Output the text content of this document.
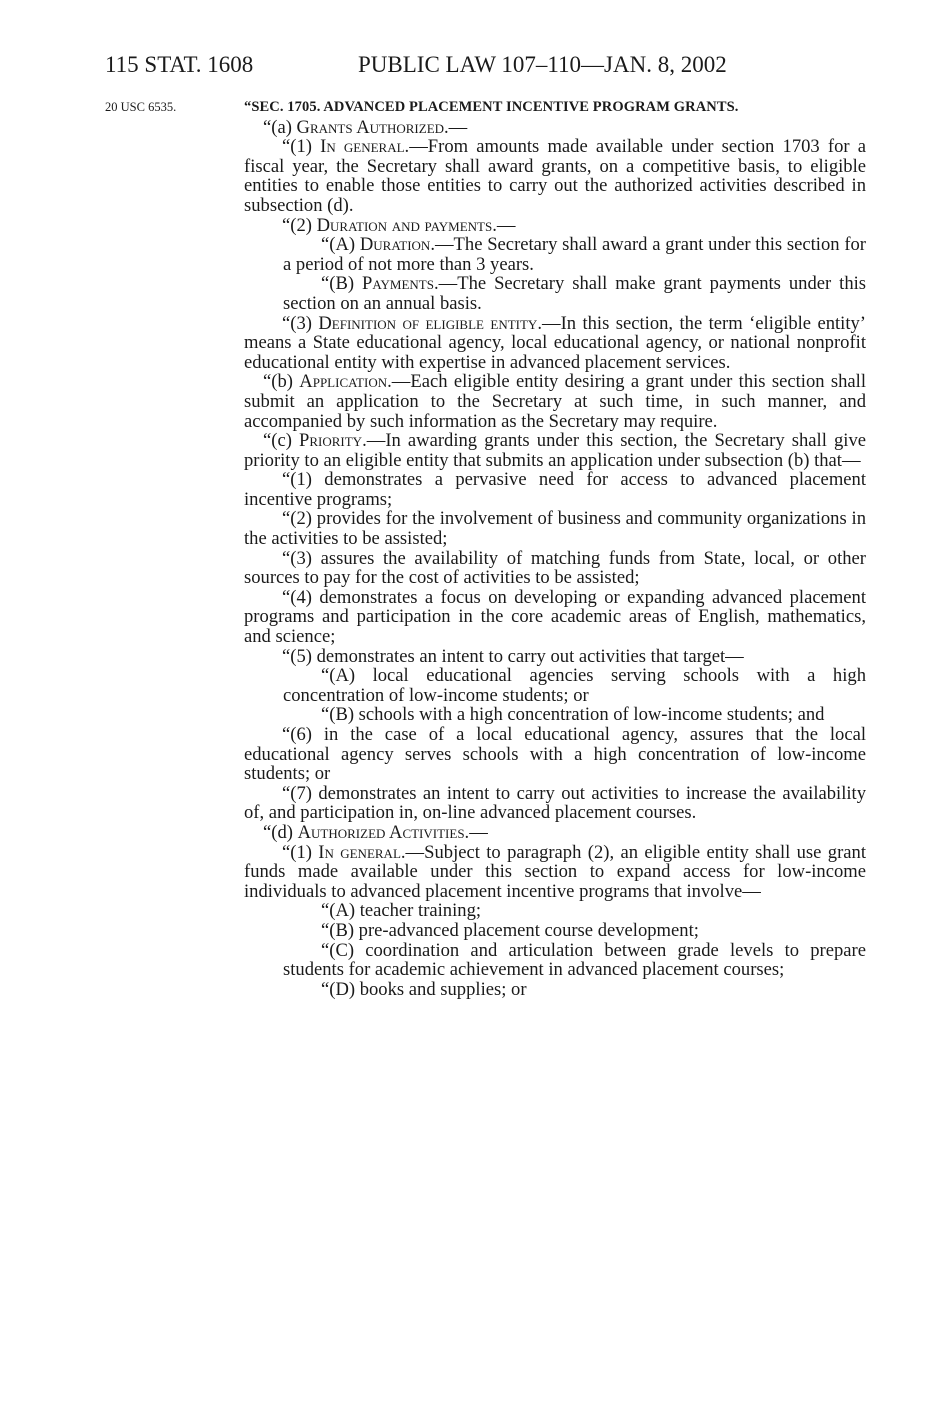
115 STAT. 1608	PUBLIC LAW 107–110—JAN. 8, 2002
20 USC 6535.	“SEC. 1705. ADVANCED PLACEMENT INCENTIVE PROGRAM GRANTS.

“(a) Grants Authorized.—

“(1) In general.—From amounts made available under section 1703 for a fiscal year, the Secretary shall award grants, on a competitive basis, to eligible entities to enable those entities to carry out the authorized activities described in subsection (d).

“(2) Duration and payments.—

“(A) Duration.—The Secretary shall award a grant under this section for a period of not more than 3 years.

“(B) Payments.—The Secretary shall make grant payments under this section on an annual basis.

“(3) Definition of eligible entity.—In this section, the term ‘eligible entity’ means a State educational agency, local educational agency, or national nonprofit educational entity with expertise in advanced placement services.

“(b) Application.—Each eligible entity desiring a grant under this section shall submit an application to the Secretary at such time, in such manner, and accompanied by such information as the Secretary may require.

“(c) Priority.—In awarding grants under this section, the Secretary shall give priority to an eligible entity that submits an application under subsection (b) that—

“(1) demonstrates a pervasive need for access to advanced placement incentive programs;

“(2) provides for the involvement of business and community organizations in the activities to be assisted;

“(3) assures the availability of matching funds from State, local, or other sources to pay for the cost of activities to be assisted;

“(4) demonstrates a focus on developing or expanding advanced placement programs and participation in the core academic areas of English, mathematics, and science;

“(5) demonstrates an intent to carry out activities that target—

“(A) local educational agencies serving schools with a high concentration of low-income students; or

“(B) schools with a high concentration of low-income students; and

“(6) in the case of a local educational agency, assures that the local educational agency serves schools with a high concentration of low-income students; or

“(7) demonstrates an intent to carry out activities to increase the availability of, and participation in, on-line advanced placement courses.

“(d) Authorized Activities.—

“(1) In general.—Subject to paragraph (2), an eligible entity shall use grant funds made available under this section to expand access for low-income individuals to advanced placement incentive programs that involve—

“(A) teacher training;

“(B) pre-advanced placement course development;

“(C) coordination and articulation between grade levels to prepare students for academic achievement in advanced placement courses;

“(D) books and supplies; or
